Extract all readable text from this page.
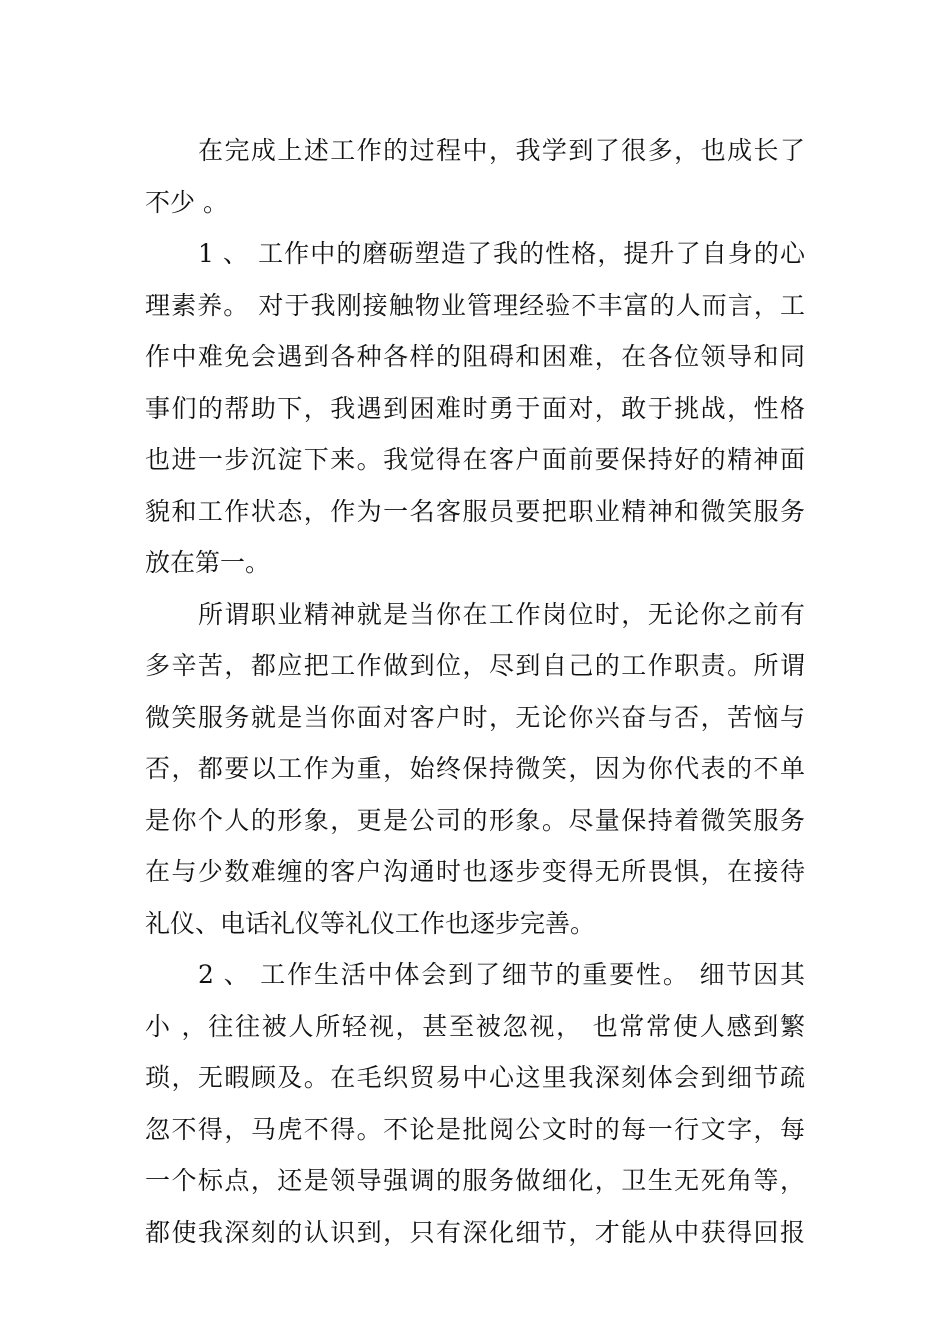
在完成上述工作的过程中，我学到了很多，也成长了
不少 。
1 、 工作中的磨砺塑造了我的性格，提升了自身的心
理素养。 对于我刚接触物业管理经验不丰富的人而言，工
作中难免会遇到各种各样的阻碍和困难，在各位领导和同
事们的帮助下，我遇到困难时勇于面对，敢于挑战，性格
也进一步沉淀下来。我觉得在客户面前要保持好的精神面
貌和工作状态，作为一名客服员要把职业精神和微笑服务
放在第一。
所谓职业精神就是当你在工作岗位时，无论你之前有
多辛苦，都应把工作做到位，尽到自己的工作职责。所谓
微笑服务就是当你面对客户时，无论你兴奋与否，苦恼与
否，都要以工作为重，始终保持微笑，因为你代表的不单
是你个人的形象，更是公司的形象。尽量保持着微笑服务
在与少数难缠的客户沟通时也逐步变得无所畏惧，在接待
礼仪、电话礼仪等礼仪工作也逐步完善。
2 、 工作生活中体会到了细节的重要性。 细节因其
小 ，往往被人所轻视，甚至被忽视， 也常常使人感到繁
琐，无暇顾及。在毛织贸易中心这里我深刻体会到细节疏
忽不得，马虎不得。不论是批阅公文时的每一行文字，每
一个标点，还是领导强调的服务做细化，卫生无死角等，
都使我深刻的认识到，只有深化细节，才能从中获得回报
